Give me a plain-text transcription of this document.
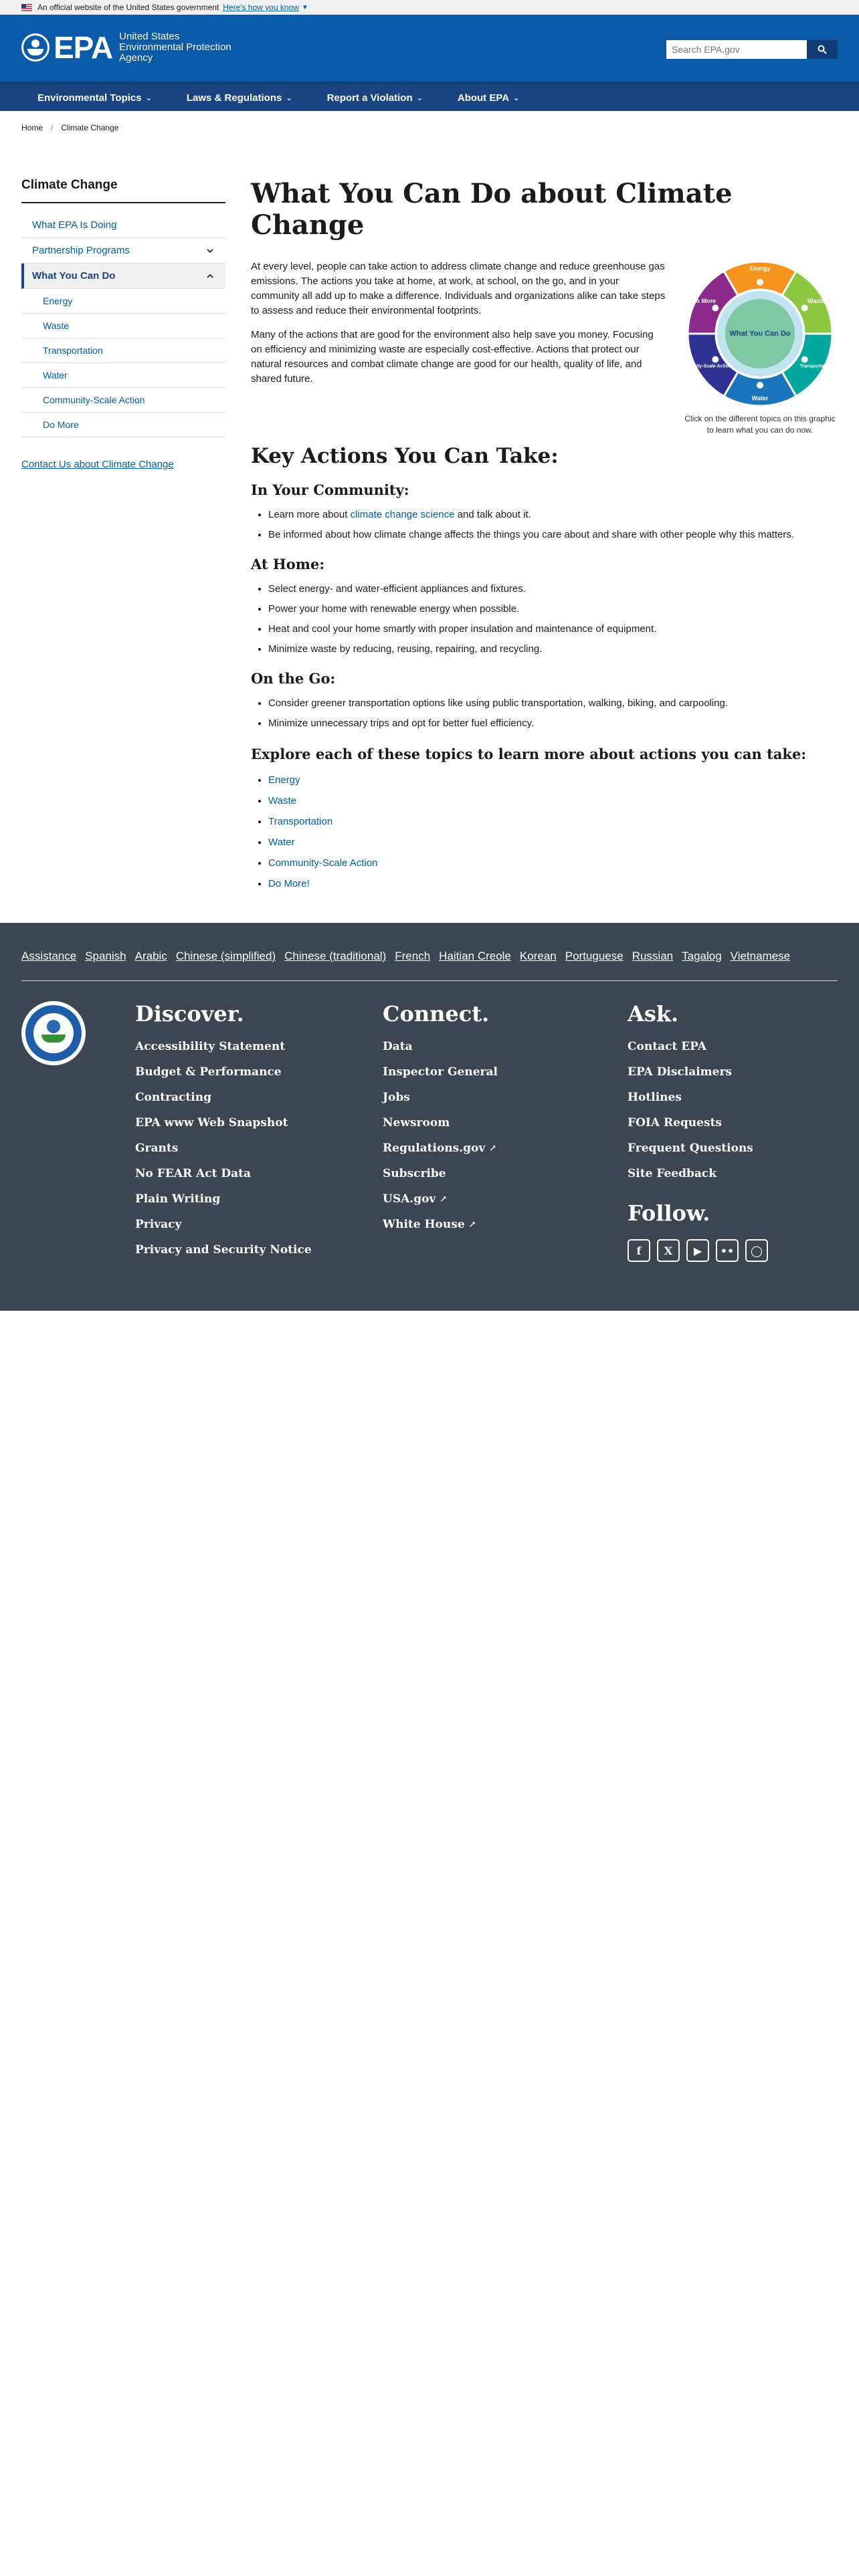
An official website of the United States government Here's how you know ▼
EPA United States
Environmental Protection
Agency
Search EPA.gov
Environmental Topics ⌄	Laws & Regulations ⌄	Report a Violation ⌄	About EPA ⌄
Home / Climate Change
Climate Change
What EPA Is Doing
Partnership Programs
What You Can Do
Energy
Waste
Transportation
Water
Community-Scale Action
Do More
Contact Us about Climate Change
What You Can Do about Climate Change

At every level, people can take action to address climate change and reduce greenhouse gas emissions. The actions you take at home, at work, at school, on the go, and in your community all add up to make a difference. Individuals and organizations alike can take steps to assess and reduce their environmental footprints.

Many of the actions that are good for the environment also help save you money. Focusing on efficiency and minimizing waste are especially cost-effective. Actions that protect our natural resources and combat climate change are good for our health, quality of life, and shared future.

Energy
Waste
Transportation
Water
Community-Scale Action
Do More
What You Can Do
Click on the different topics on this graphic to learn what you can do now.
Key Actions You Can Take:
In Your Community:
• Learn more about climate change science and talk about it.
• Be informed about how climate change affects the things you care about and share with other people why this matters.
At Home:
• Select energy- and water-efficient appliances and fixtures.
• Power your home with renewable energy when possible.
• Heat and cool your home smartly with proper insulation and maintenance of equipment.
• Minimize waste by reducing, reusing, repairing, and recycling.
On the Go:
• Consider greener transportation options like using public transportation, walking, biking, and carpooling.
• Minimize unnecessary trips and opt for better fuel efficiency.
Explore each of these topics to learn more about actions you can take:
• Energy
• Waste
• Transportation
• Water
• Community-Scale Action
• Do More!
Assistance Spanish Arabic Chinese (simplified) Chinese (traditional) French Haitian Creole Korean Portuguese Russian Tagalog Vietnamese
Discover.
Accessibility Statement
Budget & Performance
Contracting
EPA www Web Snapshot
Grants
No FEAR Act Data
Plain Writing
Privacy
Privacy and Security Notice
Connect.
Data
Inspector General
Jobs
Newsroom
Regulations.gov ↗
Subscribe
USA.gov ↗
White House ↗
Ask.
Contact EPA
EPA Disclaimers
Hotlines
FOIA Requests
Frequent Questions
Site Feedback
Follow.
f	X	▶	••	◯
